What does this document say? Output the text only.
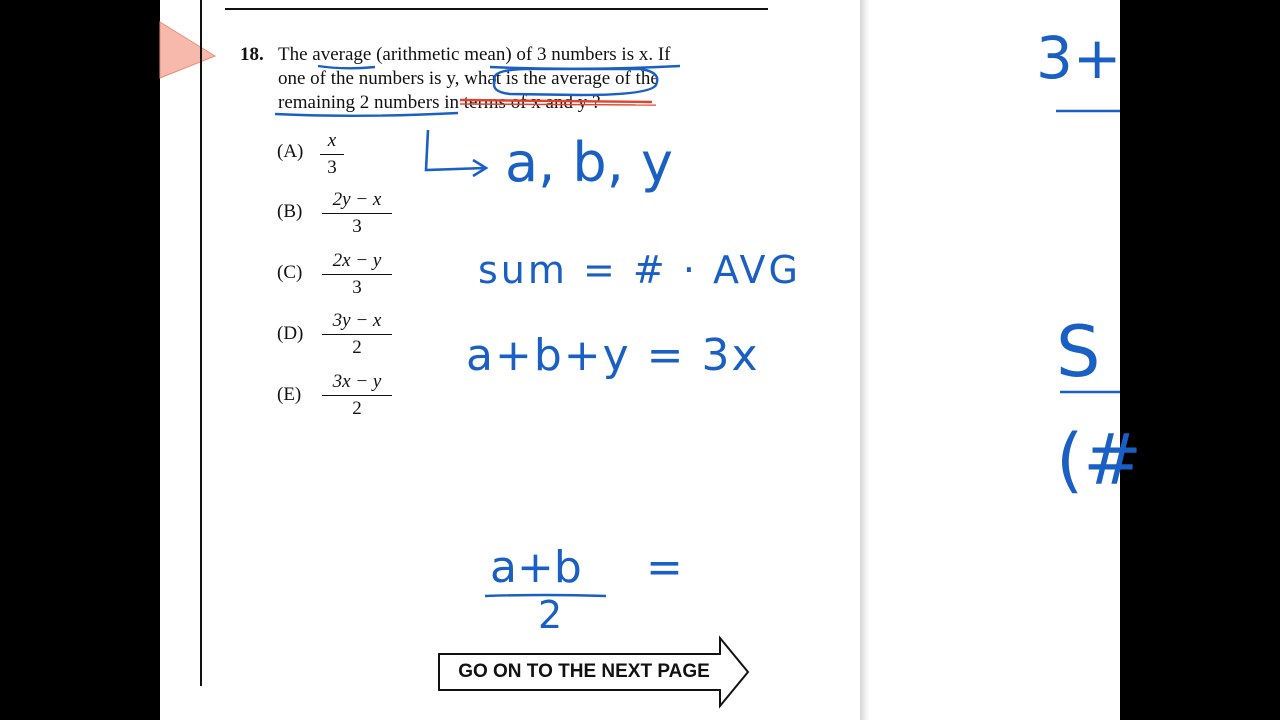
18. The average (arithmetic mean) of 3 numbers is x. If
one of the numbers is y, what is the average of the
remaining 2 numbers in terms of x and y ?
(A)
x
3
(B)
2y − x
3
(C)
2x − y
3
(D)
3y − x
2
(E)
3x − y
2
a, b, y
sum = # · AVG
a+b+y = 3x
a+b
2
=
3+
S
(#
GO ON TO THE NEXT PAGE
